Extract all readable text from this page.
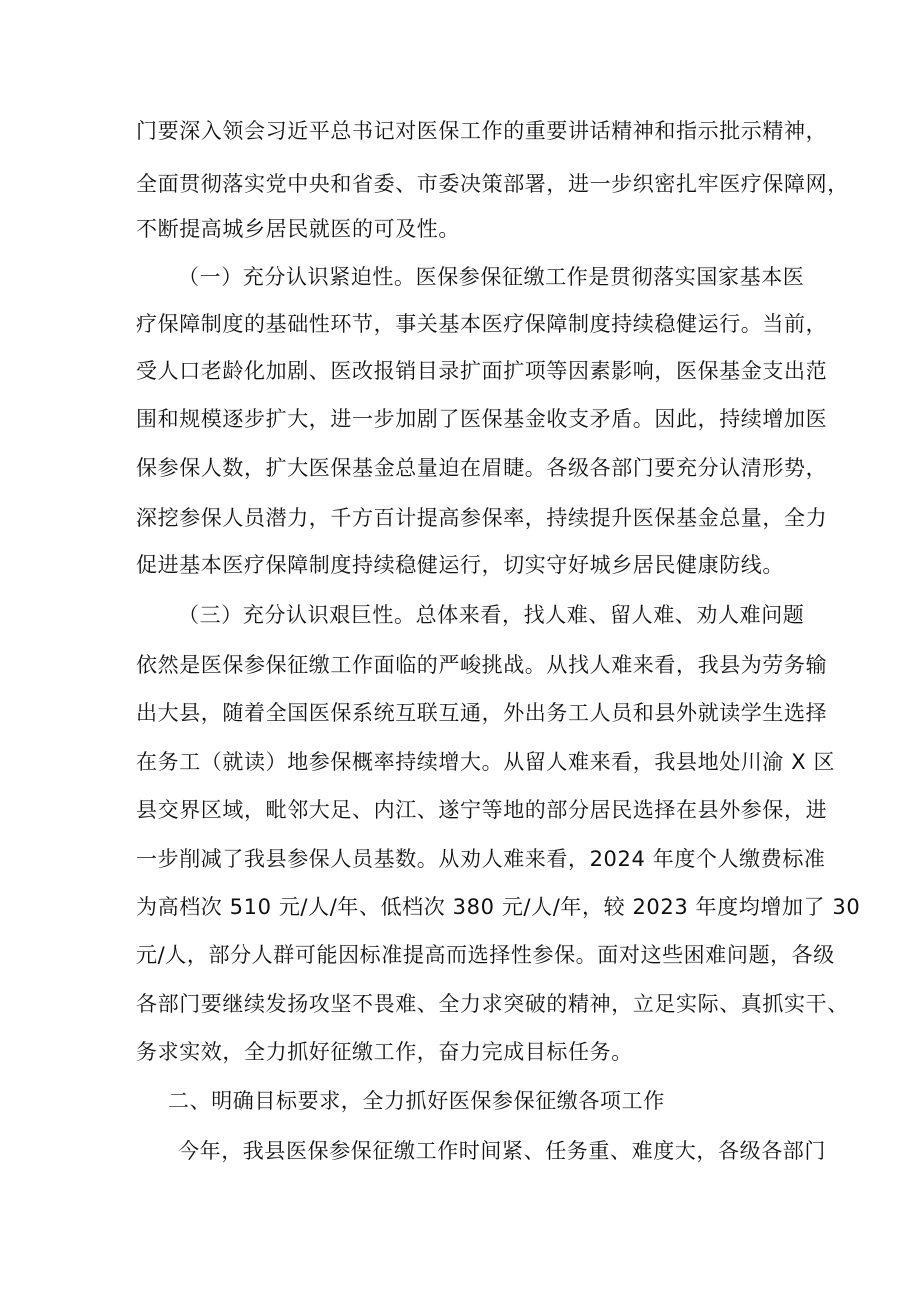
门要深入领会习近平总书记对医保工作的重要讲话精神和指示批示精神，
全面贯彻落实党中央和省委、市委决策部署，进一步织密扎牢医疗保障网，
不断提高城乡居民就医的可及性。
（一）充分认识紧迫性。医保参保征缴工作是贯彻落实国家基本医
疗保障制度的基础性环节，事关基本医疗保障制度持续稳健运行。当前，
受人口老龄化加剧、医改报销目录扩面扩项等因素影响，医保基金支出范
围和规模逐步扩大，进一步加剧了医保基金收支矛盾。因此，持续增加医
保参保人数，扩大医保基金总量迫在眉睫。各级各部门要充分认清形势，
深挖参保人员潜力，千方百计提高参保率，持续提升医保基金总量，全力
促进基本医疗保障制度持续稳健运行，切实守好城乡居民健康防线。
（三）充分认识艰巨性。总体来看，找人难、留人难、劝人难问题
依然是医保参保征缴工作面临的严峻挑战。从找人难来看，我县为劳务输
出大县，随着全国医保系统互联互通，外出务工人员和县外就读学生选择
在务工（就读）地参保概率持续增大。从留人难来看，我县地处川渝 X 区
县交界区域，毗邻大足、内江、遂宁等地的部分居民选择在县外参保，进
一步削减了我县参保人员基数。从劝人难来看，2024 年度个人缴费标准
为高档次 510 元/人/年、低档次 380 元/人/年，较 2023 年度均增加了 30
元/人，部分人群可能因标准提高而选择性参保。面对这些困难问题，各级
各部门要继续发扬攻坚不畏难、全力求突破的精神，立足实际、真抓实干、
务求实效，全力抓好征缴工作，奋力完成目标任务。
二、明确目标要求，全力抓好医保参保征缴各项工作
今年，我县医保参保征缴工作时间紧、任务重、难度大，各级各部门
